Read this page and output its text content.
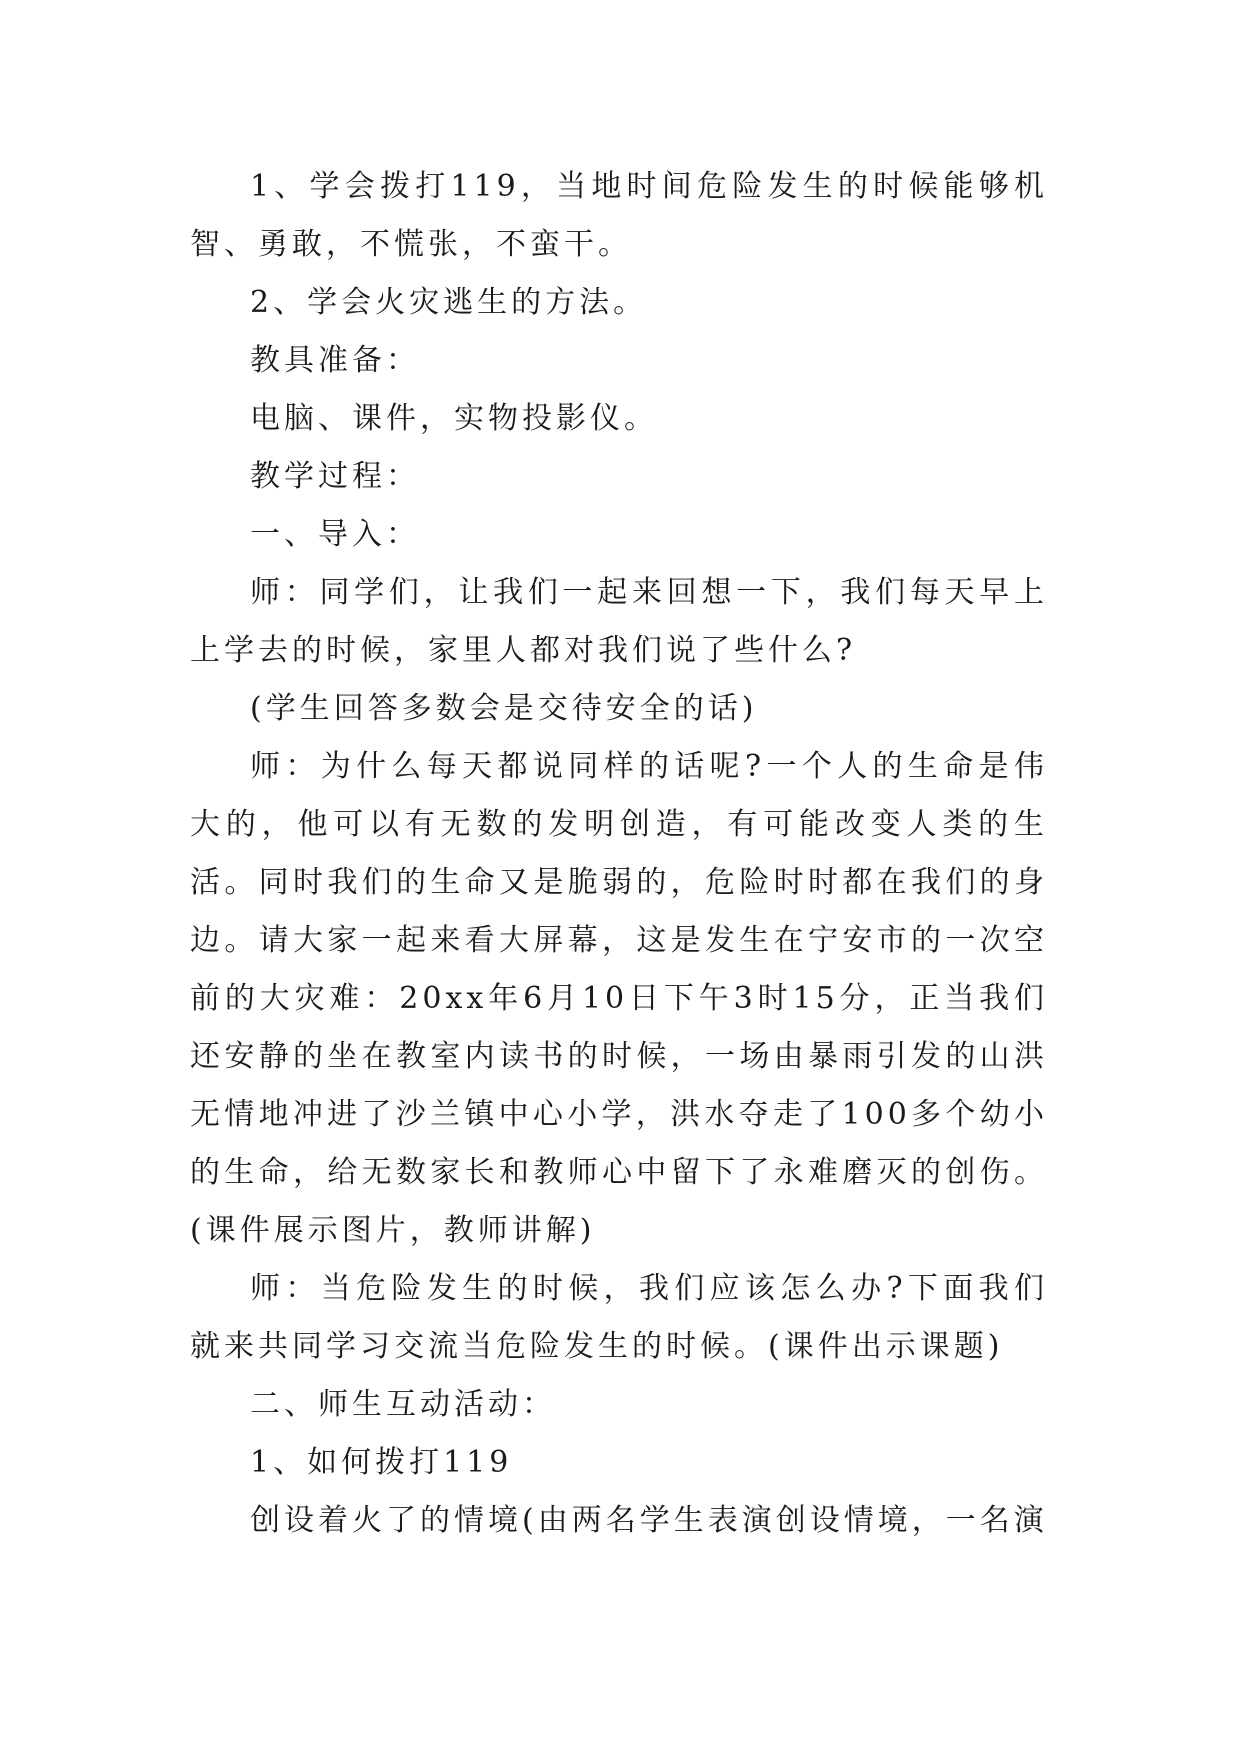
1、学会拨打119，当地时间危险发生的时候能够机智、勇敢，不慌张，不蛮干。

2、学会火灾逃生的方法。

教具准备：

电脑、课件，实物投影仪。

教学过程：

一、导入：

师：同学们，让我们一起来回想一下，我们每天早上上学去的时候，家里人都对我们说了些什么?

(学生回答多数会是交待安全的话)

师：为什么每天都说同样的话呢?一个人的生命是伟大的，他可以有无数的发明创造，有可能改变人类的生活。同时我们的生命又是脆弱的，危险时时都在我们的身边。请大家一起来看大屏幕，这是发生在宁安市的一次空前的大灾难：20xx年6月10日下午3时15分，正当我们还安静的坐在教室内读书的时候，一场由暴雨引发的山洪无情地冲进了沙兰镇中心小学，洪水夺走了100多个幼小的生命，给无数家长和教师心中留下了永难磨灭的创伤。(课件展示图片，教师讲解)

师：当危险发生的时候，我们应该怎么办?下面我们就来共同学习交流当危险发生的时候。(课件出示课题)

二、师生互动活动：

1、如何拨打119

创设着火了的情境(由两名学生表演创设情境，一名演
